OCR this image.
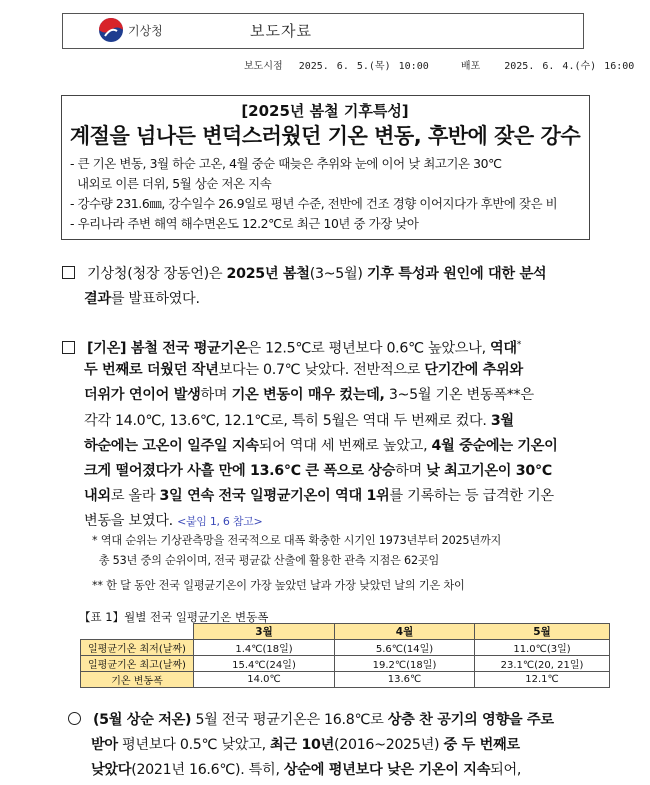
기상청	보도자료
보도시점 2025. 6. 5.(목) 10:00	배포 2025. 6. 4.(수) 16:00
[2025년 봄철 기후특성]
계절을 넘나든 변덕스러웠던 기온 변동, 후반에 잦은 강수
- 큰 기온 변동, 3월 하순 고온, 4월 중순 때늦은 추위와 눈에 이어 낮 최고기온 30℃
내외로 이른 더위, 5월 상순 저온 지속
- 강수량 231.6㎜, 강수일수 26.9일로 평년 수준, 전반에 건조 경향 이어지다가 후반에 잦은 비
- 우리나라 주변 해역 해수면온도 12.2℃로 최근 10년 중 가장 낮아
기상청(청장 장동언)은 2025년 봄철(3~5월) 기후 특성과 원인에 대한 분석
결과를 발표하였다.
[기온] 봄철 전국 평균기온은 12.5℃로 평년보다 0.6℃ 높았으나, 역대*
두 번째로 더웠던 작년보다는 0.7℃ 낮았다. 전반적으로 단기간에 추위와
더위가 연이어 발생하며 기온 변동이 매우 컸는데, 3~5월 기온 변동폭**은
각각 14.0℃, 13.6℃, 12.1℃로, 특히 5월은 역대 두 번째로 컸다. 3월
하순에는 고온이 일주일 지속되어 역대 세 번째로 높았고, 4월 중순에는 기온이
크게 떨어졌다가 사흘 만에 13.6℃ 큰 폭으로 상승하며 낮 최고기온이 30℃
내외로 올라 3일 연속 전국 일평균기온이 역대 1위를 기록하는 등 급격한 기온
변동을 보였다. <붙임 1, 6 참고>
* 역대 순위는 기상관측망을 전국적으로 대폭 확충한 시기인 1973년부터 2025년까지
총 53년 중의 순위이며, 전국 평균값 산출에 활용한 관측 지점은 62곳임
** 한 달 동안 전국 일평균기온이 가장 높았던 날과 가장 낮았던 날의 기온 차이
【표 1】월별 전국 일평균기온 변동폭
	3월	4월	5월
일평균기온 최저(날짜)	1.4℃(18일)	5.6℃(14일)	11.0℃(3일)
일평균기온 최고(날짜)	15.4℃(24일)	19.2℃(18일)	23.1℃(20, 21일)
기온 변동폭	14.0℃	13.6℃	12.1℃
(5월 상순 저온) 5월 전국 평균기온은 16.8℃로 상층 찬 공기의 영향을 주로
받아 평년보다 0.5℃ 낮았고, 최근 10년(2016~2025년) 중 두 번째로
낮았다(2021년 16.6℃). 특히, 상순에 평년보다 낮은 기온이 지속되어,
